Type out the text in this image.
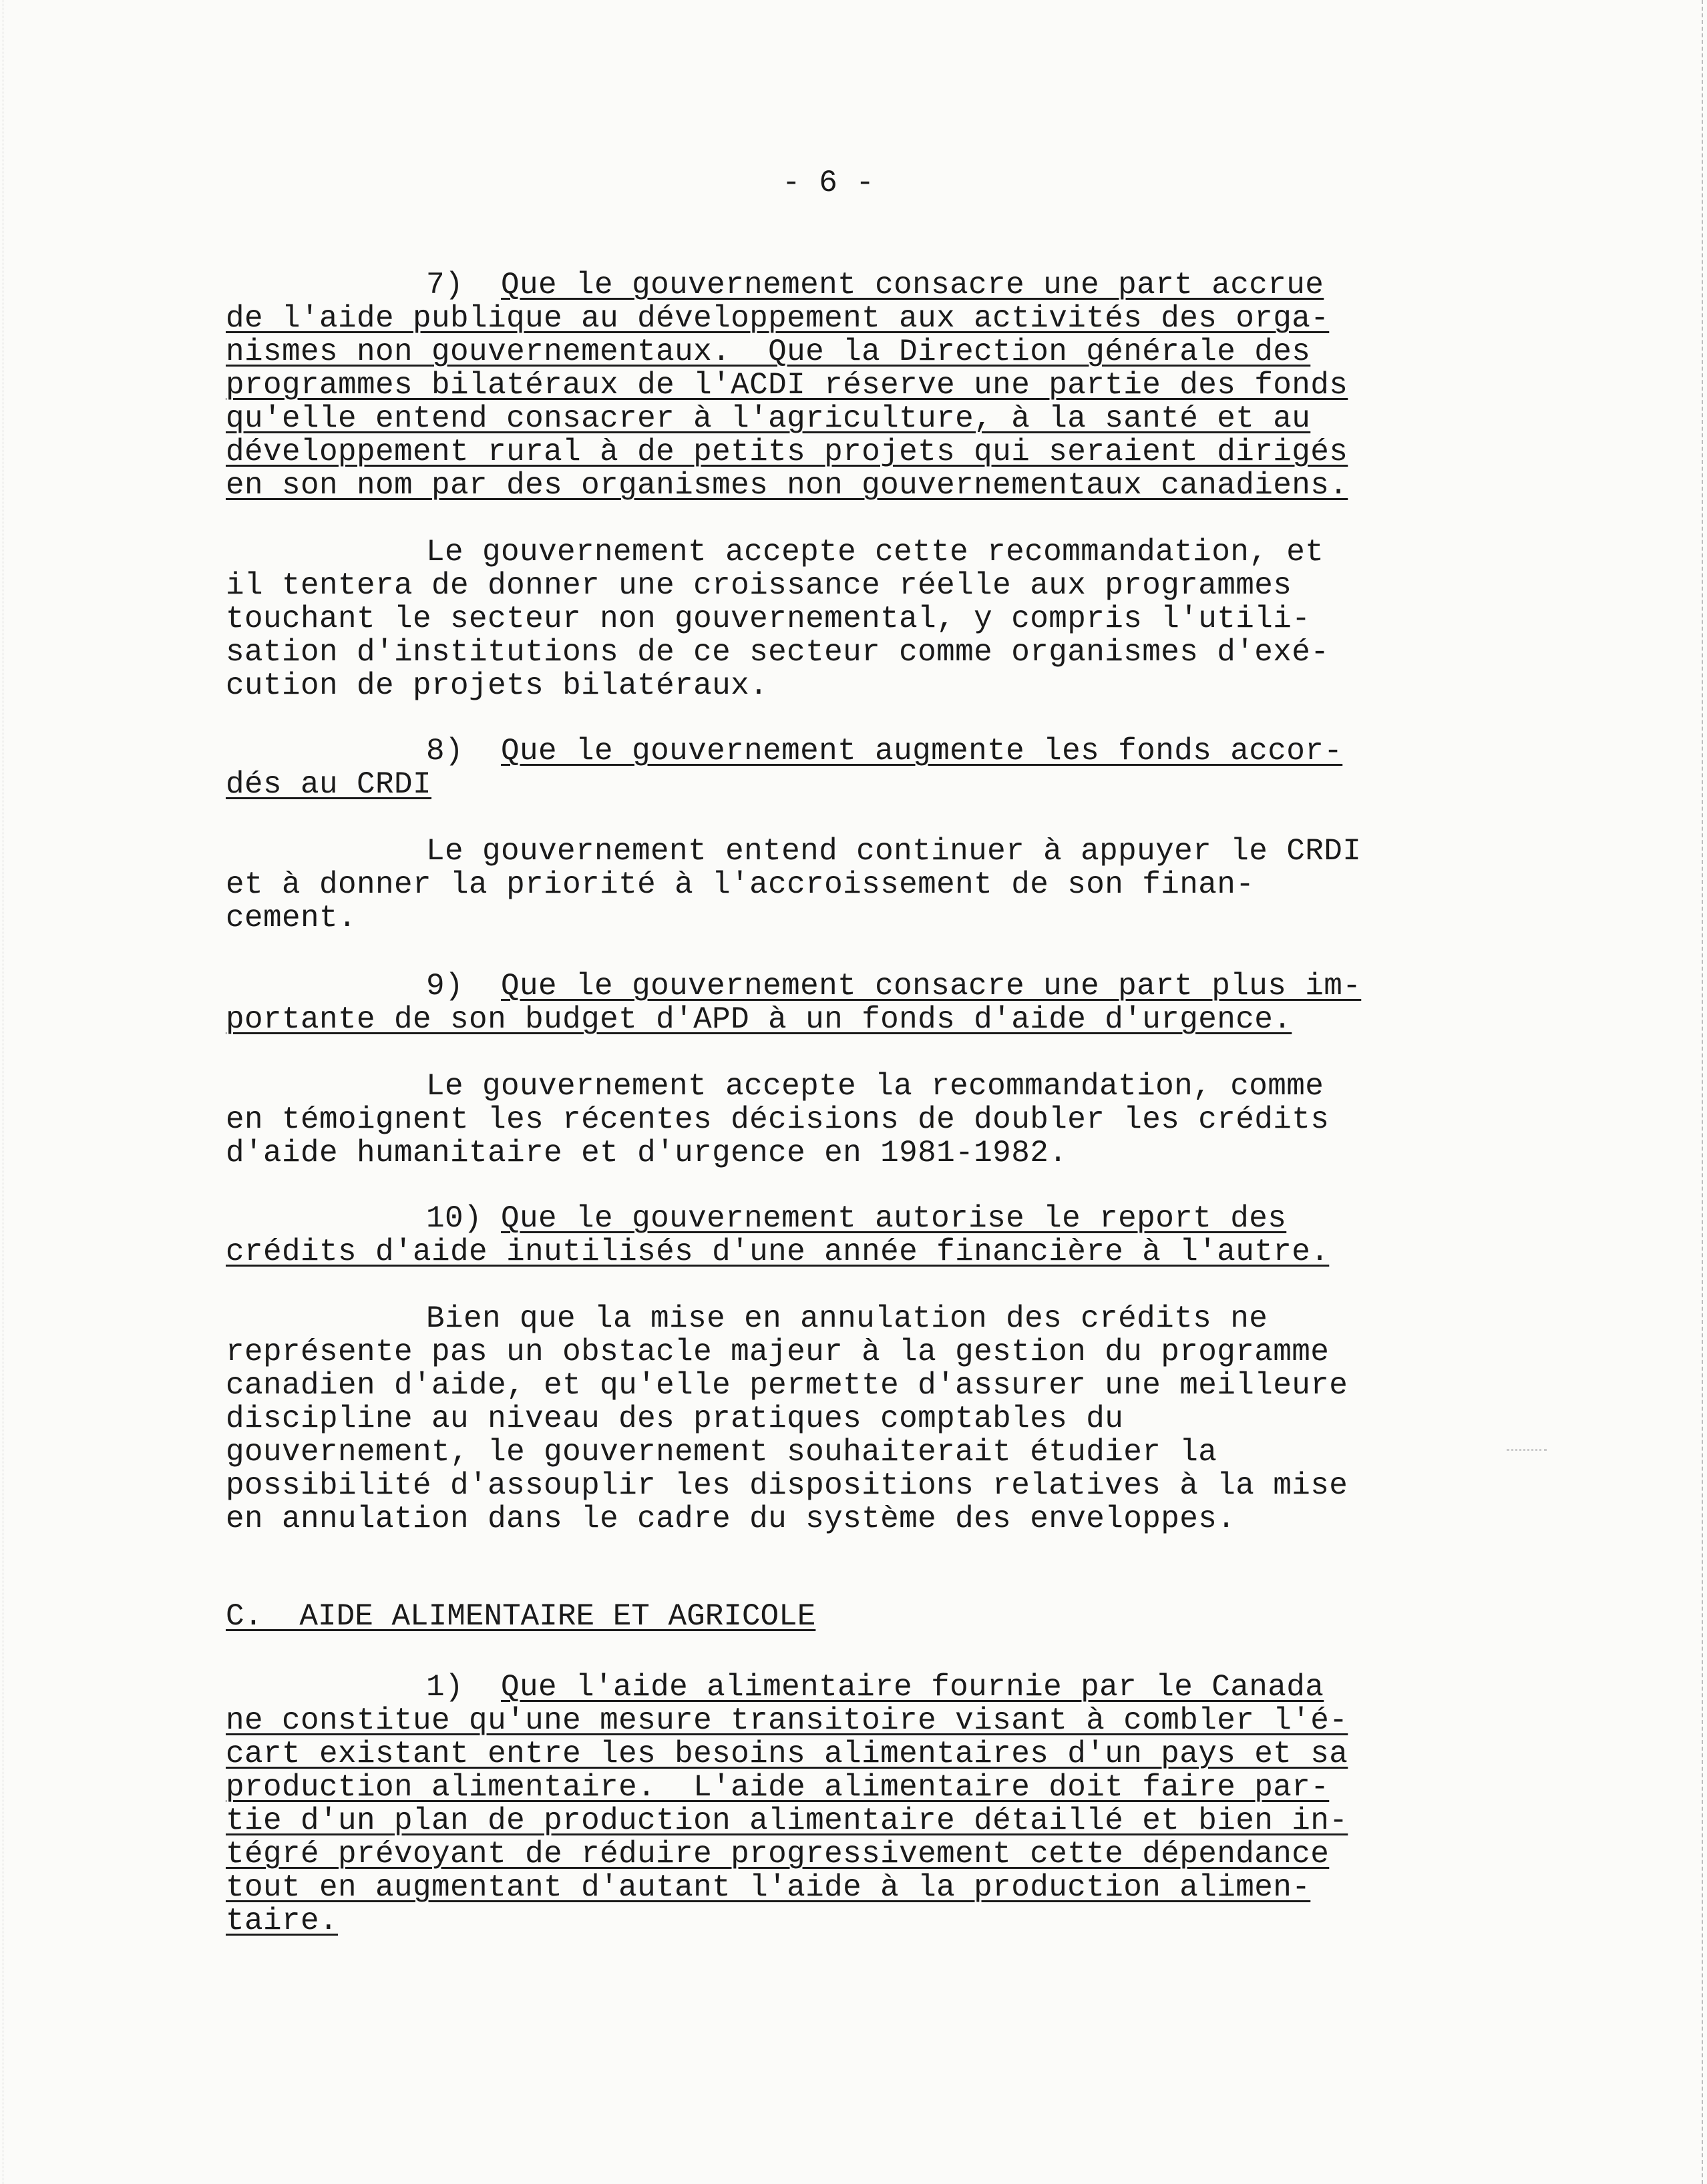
- 6 -
7) Que le gouvernement consacre une part accrue
de l'aide publique au développement aux activités des orga-
nismes non gouvernementaux.  Que la Direction générale des
programmes bilatéraux de l'ACDI réserve une partie des fonds
qu'elle entend consacrer à l'agriculture, à la santé et au
développement rural à de petits projets qui seraient dirigés
en son nom par des organismes non gouvernementaux canadiens.
Le gouvernement accepte cette recommandation, et
il tentera de donner une croissance réelle aux programmes
touchant le secteur non gouvernemental, y compris l'utili-
sation d'institutions de ce secteur comme organismes d'exé-
cution de projets bilatéraux.
8) Que le gouvernement augmente les fonds accor-
dés au CRDI
Le gouvernement entend continuer à appuyer le CRDI
et à donner la priorité à l'accroissement de son finan-
cement.
9) Que le gouvernement consacre une part plus im-
portante de son budget d'APD à un fonds d'aide d'urgence.
Le gouvernement accepte la recommandation, comme
en témoignent les récentes décisions de doubler les crédits
d'aide humanitaire et d'urgence en 1981-1982.
10) Que le gouvernement autorise le report des
crédits d'aide inutilisés d'une année financière à l'autre.
Bien que la mise en annulation des crédits ne
représente pas un obstacle majeur à la gestion du programme
canadien d'aide, et qu'elle permette d'assurer une meilleure
discipline au niveau des pratiques comptables du
gouvernement, le gouvernement souhaiterait étudier la
possibilité d'assouplir les dispositions relatives à la mise
en annulation dans le cadre du système des enveloppes.
C.  AIDE ALIMENTAIRE ET AGRICOLE
1) Que l'aide alimentaire fournie par le Canada
ne constitue qu'une mesure transitoire visant à combler l'é-
cart existant entre les besoins alimentaires d'un pays et sa
production alimentaire.  L'aide alimentaire doit faire par-
tie d'un plan de production alimentaire détaillé et bien in-
tégré prévoyant de réduire progressivement cette dépendance
tout en augmentant d'autant l'aide à la production alimen-
taire.
